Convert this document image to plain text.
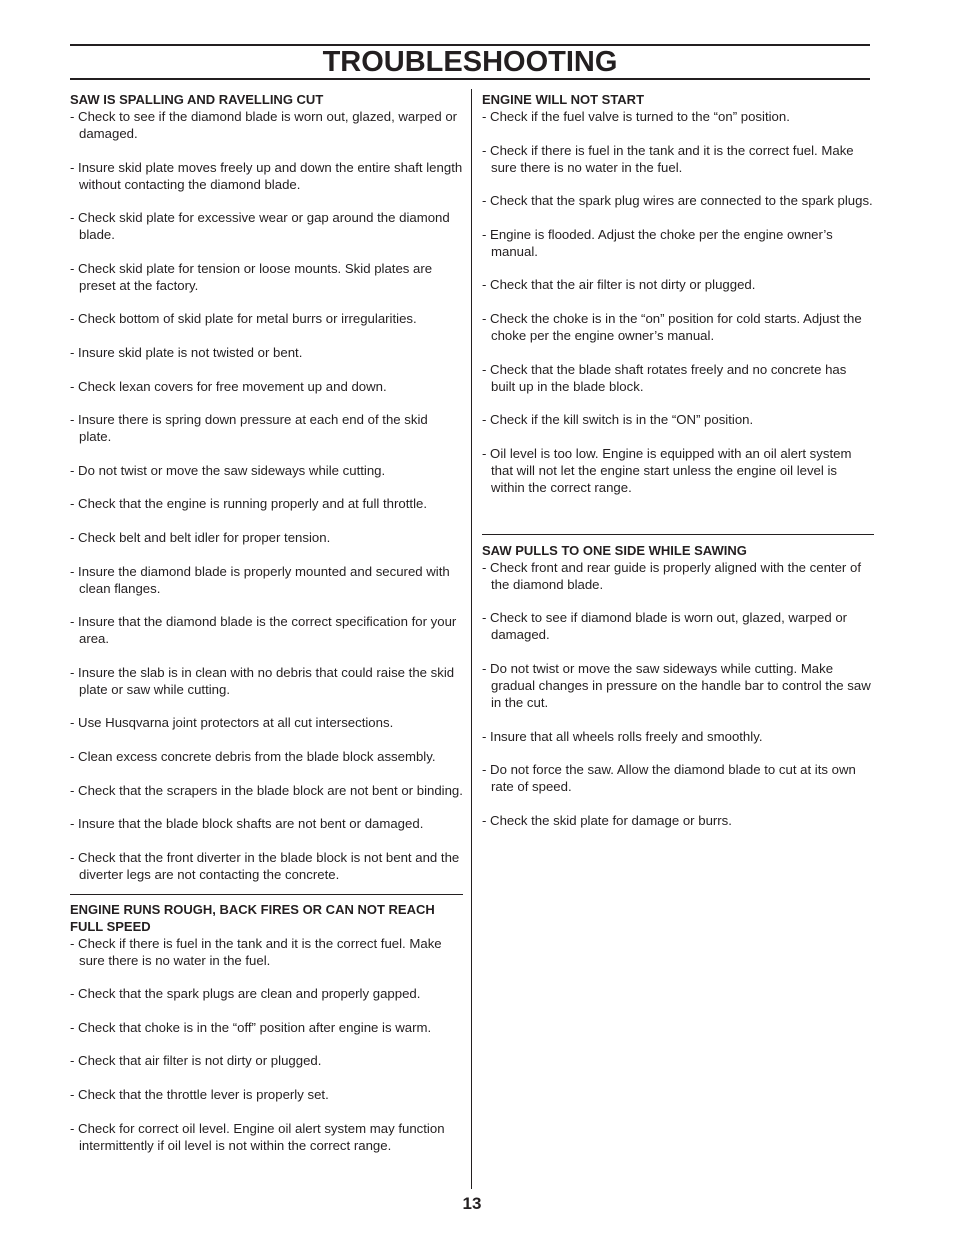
TROUBLESHOOTING

SAW IS SPALLING AND RAVELLING CUT

- Check to see if the diamond blade is worn out, glazed, warped or damaged.

- Insure skid plate moves freely up and down the entire shaft length without contacting the diamond blade.

- Check skid plate for excessive wear or gap around the diamond blade.

- Check skid plate for tension or loose mounts. Skid plates are preset at the factory.

- Check bottom of skid plate for metal burrs or irregularities.

- Insure skid plate is not twisted or bent.

- Check lexan covers for free movement up and down.

- Insure there is spring down pressure at each end of the skid plate.

- Do not twist or move the saw sideways while cutting.

- Check that the engine is running properly and at full throttle.

- Check belt and belt idler for proper tension.

- Insure the diamond blade is properly mounted and secured with clean flanges.

- Insure that the diamond blade is the correct specification for your area.

- Insure the slab is in clean with no debris that could raise the skid plate or saw while cutting.

- Use Husqvarna joint protectors at all cut intersections.

- Clean excess concrete debris from the blade block assembly.

- Check that the scrapers in the blade block are not bent or binding.

- Insure that the blade block shafts are not bent or damaged.

- Check that the front diverter in the blade block is not bent and the diverter legs are not contacting the concrete.

ENGINE RUNS ROUGH, BACK FIRES OR CAN NOT REACH FULL SPEED

- Check if there is fuel in the tank and it is the correct fuel. Make sure there is no water in the fuel.

- Check that the spark plugs are clean and properly gapped.

- Check that choke is in the “off” position after engine is warm.

- Check that air filter is not dirty or plugged.

- Check that the throttle lever is properly set.

- Check for correct oil level. Engine oil alert system may function intermittently if oil level is not within the correct range.

ENGINE WILL NOT START

- Check if the fuel valve is turned to the “on” position.

- Check if there is fuel in the tank and it is the correct fuel. Make sure there is no water in the fuel.

- Check that the spark plug wires are connected to the spark plugs.

- Engine is flooded. Adjust the choke per the engine owner’s manual.

- Check that the air filter is not dirty or plugged.

- Check the choke is in the “on” position for cold starts. Adjust the choke per the engine owner’s manual.

- Check that the blade shaft rotates freely and no concrete has built up in the blade block.

- Check if the kill switch is in the “ON” position.

- Oil level is too low. Engine is equipped with an oil alert system that will not let the engine start unless the engine oil level is within the correct range.

SAW PULLS TO ONE SIDE WHILE SAWING

- Check front and rear guide is properly aligned with the center of the diamond blade.

- Check to see if diamond blade is worn out, glazed, warped or damaged.

- Do not twist or move the saw sideways while cutting. Make gradual changes in pressure on the handle bar to control the saw in the cut.

- Insure that all wheels rolls freely and smoothly.

- Do not force the saw. Allow the diamond blade to cut at its own rate of speed.

- Check the skid plate for damage or burrs.

13
